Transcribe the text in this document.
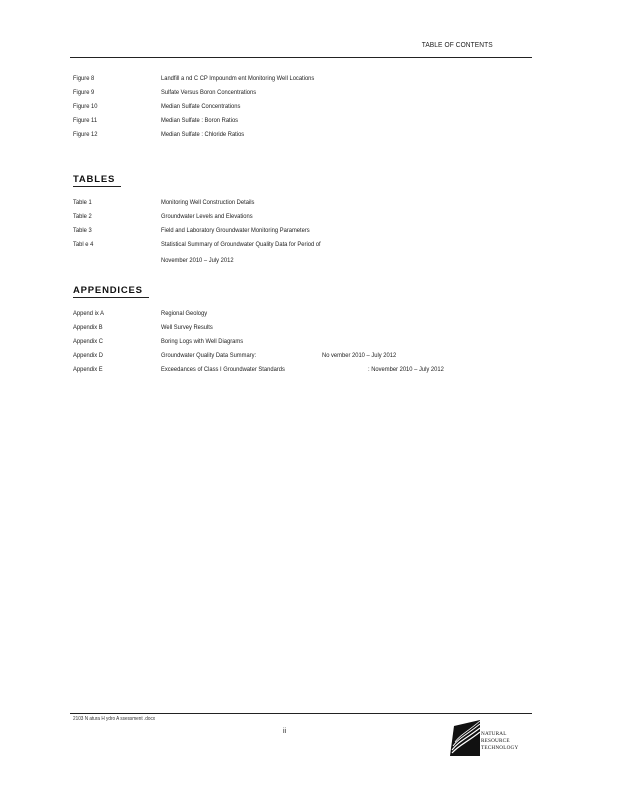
TABLE OF CONTENTS
Figure 8	Landfill a nd C CP Impoundm ent Monitoring Well Locations
Figure 9	Sulfate Versus Boron Concentrations
Figure 10	Median Sulfate Concentrations
Figure 11	Median Sulfate : Boron Ratios
Figure 12	Median Sulfate : Chloride Ratios
TABLES
Table 1	Monitoring Well Construction Details
Table 2	Groundwater Levels and Elevations
Table 3	Field and Laboratory Groundwater Monitoring Parameters
Tabl e 4	Statistical Summary of Groundwater Quality Data for Period of
November 2010 – July 2012
APPENDICES
Append ix A	Regional Geology
Appendix B	Well Survey Results
Appendix C	Boring Logs with Well Diagrams
Appendix D	Groundwater Quality Data Summary:	No vember 2010 – July 2012
Appendix E	Exceedances of Class I Groundwater Standards	: November 2010 – July 2012
2103 N atura H ydro A ssessment .docx
ii	NATURAL
RESOURCE
TECHNOLOGY
